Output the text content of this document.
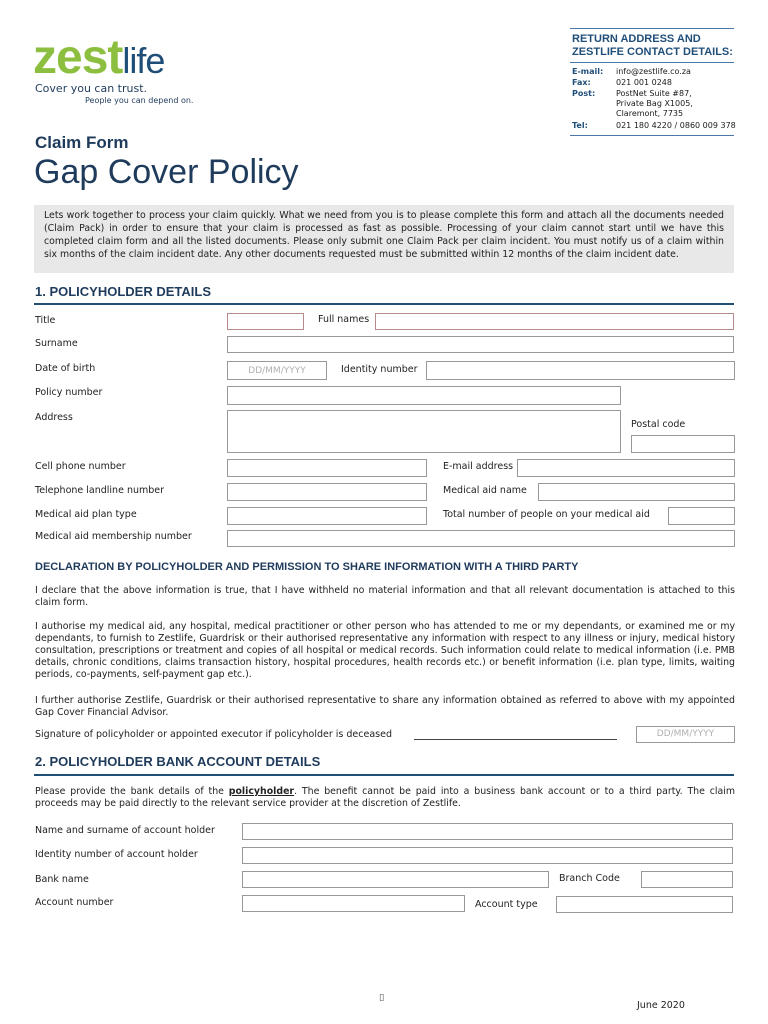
zestlife
Cover you can trust.
People you can depend on.
RETURN ADDRESS AND
ZESTLIFE CONTACT DETAILS:
E-mail: info@zestlife.co.za
Fax:	021 001 0248
Post:	PostNet Suite #87,
Private Bag X1005,
Claremont, 7735
Tel:	021 180 4220 / 0860 009 378
Claim Form
Gap Cover Policy
Lets work together to process your claim quickly. What we need from you is to please complete this form and attach all the documents needed (Claim Pack) in order to ensure that your claim is processed as fast as possible. Processing of your claim cannot start until we have this completed claim form and all the listed documents. Please only submit one Claim Pack per claim incident. You must notify us of a claim within six months of the claim incident date. Any other documents requested must be submitted within 12 months of the claim incident date.
1. POLICYHOLDER DETAILS
Title	Full names
Surname
Date of birth	DD/MM/YYYY	Identity number
Policy number
Address
Postal code
Cell phone number	E-mail address
Telephone landline number	Medical aid name
Medical aid plan type	Total number of people on your medical aid
Medical aid membership number
DECLARATION BY POLICYHOLDER AND PERMISSION TO SHARE INFORMATION WITH A THIRD PARTY
I declare that the above information is true, that I have withheld no material information and that all relevant documentation is attached to this claim form.
I authorise my medical aid, any hospital, medical practitioner or other person who has attended to me or my dependants, or examined me or my dependants, to furnish to Zestlife, Guardrisk or their authorised representative any information with respect to any illness or injury, medical history consultation, prescriptions or treatment and copies of all hospital or medical records. Such information could relate to medical information (i.e. PMB details, chronic conditions, claims transaction history, hospital procedures, health records etc.) or benefit information (i.e. plan type, limits, waiting periods, co-payments, self-payment gap etc.).
I further authorise Zestlife, Guardrisk or their authorised representative to share any information obtained as referred to above with my appointed Gap Cover Financial Advisor.
Signature of policyholder or appointed executor if policyholder is deceased	DD/MM/YYYY
2. POLICYHOLDER BANK ACCOUNT DETAILS
Please provide the bank details of the policyholder. The benefit cannot be paid into a business bank account or to a third party. The claim proceeds may be paid directly to the relevant service provider at the discretion of Zestlife.
Name and surname of account holder
Identity number of account holder
Bank name	Branch Code
Account number	Account type
▯
June 2020
